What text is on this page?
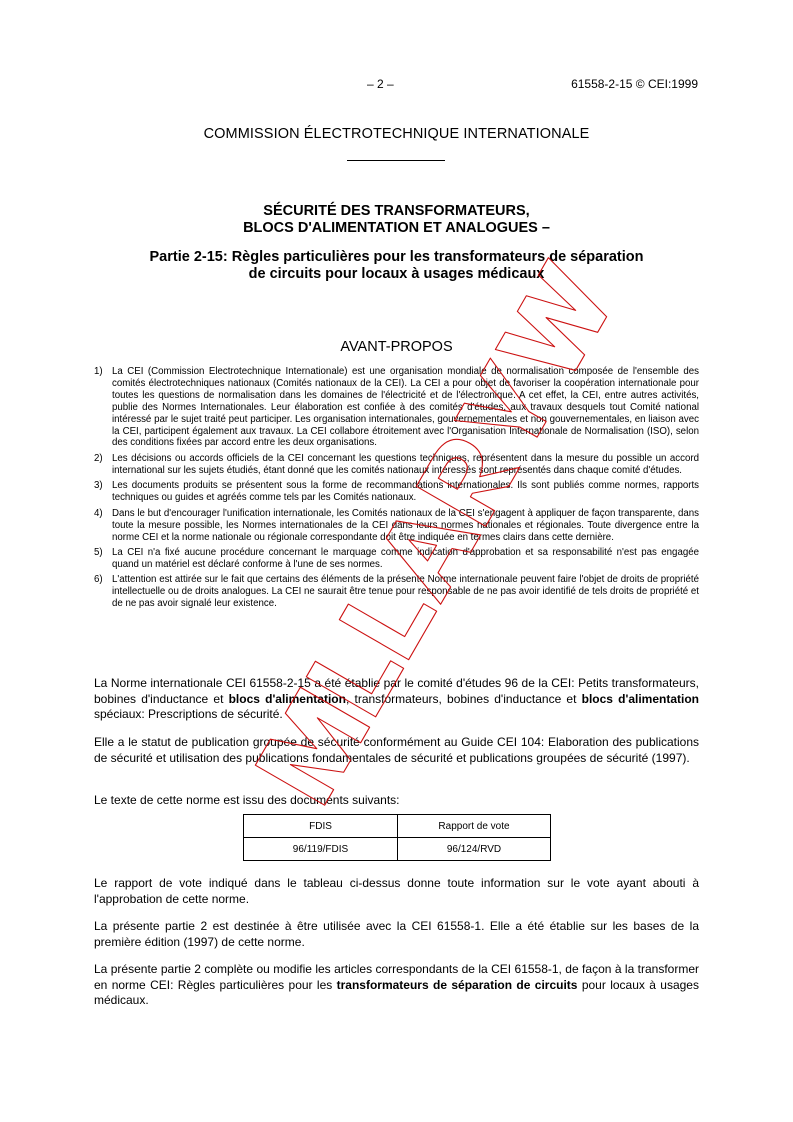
– 2 –	61558-2-15 © CEI:1999
COMMISSION ÉLECTROTECHNIQUE INTERNATIONALE
SÉCURITÉ DES TRANSFORMATEURS,
BLOCS D'ALIMENTATION ET ANALOGUES –
Partie 2-15: Règles particulières pour les transformateurs de séparation
de circuits pour locaux à usages médicaux
AVANT-PROPOS
1) La CEI (Commission Electrotechnique Internationale) est une organisation mondiale de normalisation composée de l'ensemble des comités électrotechniques nationaux (Comités nationaux de la CEI). La CEI a pour objet de favoriser la coopération internationale pour toutes les questions de normalisation dans les domaines de l'électricité et de l'électronique. A cet effet, la CEI, entre autres activités, publie des Normes Internationales. Leur élaboration est confiée à des comités d'études, aux travaux desquels tout Comité national intéressé par le sujet traité peut participer. Les organisation internationales, gouvernementales et non gouvernementales, en liaison avec la CEI, participent également aux travaux. La CEI collabore étroitement avec l'Organisation Internationale de Normalisation (ISO), selon des conditions fixées par accord entre les deux organisations.
2) Les décisions ou accords officiels de la CEI concernant les questions techniques, représentent dans la mesure du possible un accord international sur les sujets étudiés, étant donné que les comités nationaux intéressés sont représentés dans chaque comité d'études.
3) Les documents produits se présentent sous la forme de recommandations internationales. Ils sont publiés comme normes, rapports techniques ou guides et agréés comme tels par les Comités nationaux.
4) Dans le but d'encourager l'unification internationale, les Comités nationaux de la CEI s'engagent à appliquer de façon transparente, dans toute la mesure possible, les Normes internationales de la CEI dans leurs normes nationales et régionales. Toute divergence entre la norme CEI et la norme nationale ou régionale correspondante doit être indiquée en termes clairs dans cette dernière.
5) La CEI n'a fixé aucune procédure concernant le marquage comme indication d'approbation et sa responsabilité n'est pas engagée quand un matériel est déclaré conforme à l'une de ses normes.
6) L'attention est attirée sur le fait que certains des éléments de la présente Norme internationale peuvent faire l'objet de droits de propriété intellectuelle ou de droits analogues. La CEI ne saurait être tenue pour responsable de ne pas avoir identifié de tels droits de propriété et de ne pas avoir signalé leur existence.
La Norme internationale CEI 61558-2-15 a été établie par le comité d'études 96 de la CEI: Petits transformateurs, bobines d'inductance et blocs d'alimentation, transformateurs, bobines d'inductance et blocs d'alimentation spéciaux: Prescriptions de sécurité.
Elle a le statut de publication groupée de sécurité conformément au Guide CEI 104: Elaboration des publications de sécurité et utilisation des publications fondamentales de sécurité et publications groupées de sécurité (1997).
Le texte de cette norme est issu des documents suivants:
FDIS	Rapport de vote
96/119/FDIS	96/124/RVD
Le rapport de vote indiqué dans le tableau ci-dessus donne toute information sur le vote ayant abouti à l'approbation de cette norme.
La présente partie 2 est destinée à être utilisée avec la CEI 61558-1. Elle a été établie sur les bases de la première édition (1997) de cette norme.
La présente partie 2 complète ou modifie les articles correspondants de la CEI 61558-1, de façon à la transformer en norme CEI: Règles particulières pour les transformateurs de séparation de circuits pour locaux à usages médicaux.
